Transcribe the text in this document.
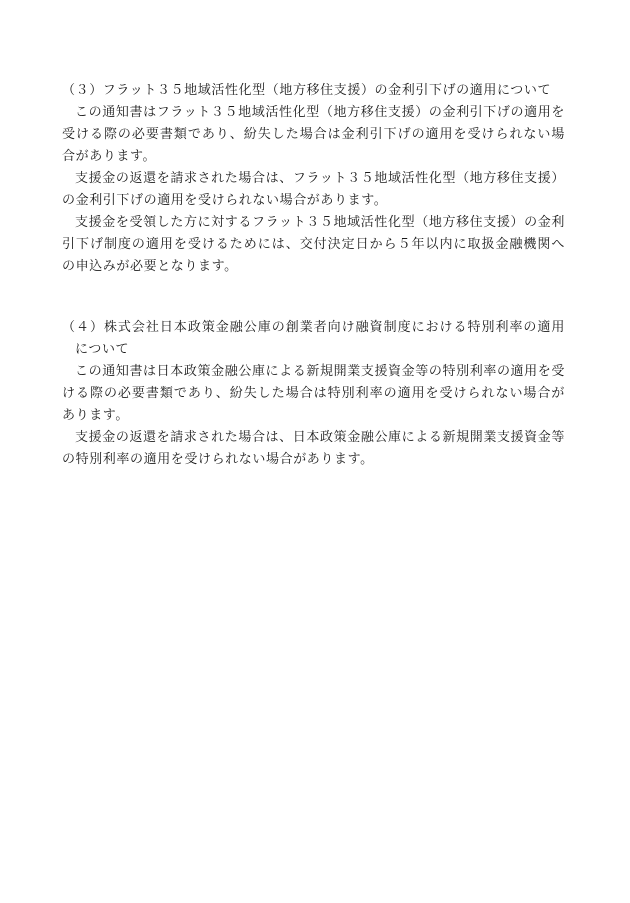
（３）フラット３５地域活性化型（地方移住支援）の金利引下げの適用について

この通知書はフラット３５地域活性化型（地方移住支援）の金利引下げの適用を受ける際の必要書類であり、紛失した場合は金利引下げの適用を受けられない場合があります。

支援金の返還を請求された場合は、フラット３５地域活性化型（地方移住支援）の金利引下げの適用を受けられない場合があります。

支援金を受領した方に対するフラット３５地域活性化型（地方移住支援）の金利引下げ制度の適用を受けるためには、交付決定日から５年以内に取扱金融機関への申込みが必要となります。

（４）株式会社日本政策金融公庫の創業者向け融資制度における特別利率の適用について

この通知書は日本政策金融公庫による新規開業支援資金等の特別利率の適用を受ける際の必要書類であり、紛失した場合は特別利率の適用を受けられない場合があります。

支援金の返還を請求された場合は、日本政策金融公庫による新規開業支援資金等の特別利率の適用を受けられない場合があります。
